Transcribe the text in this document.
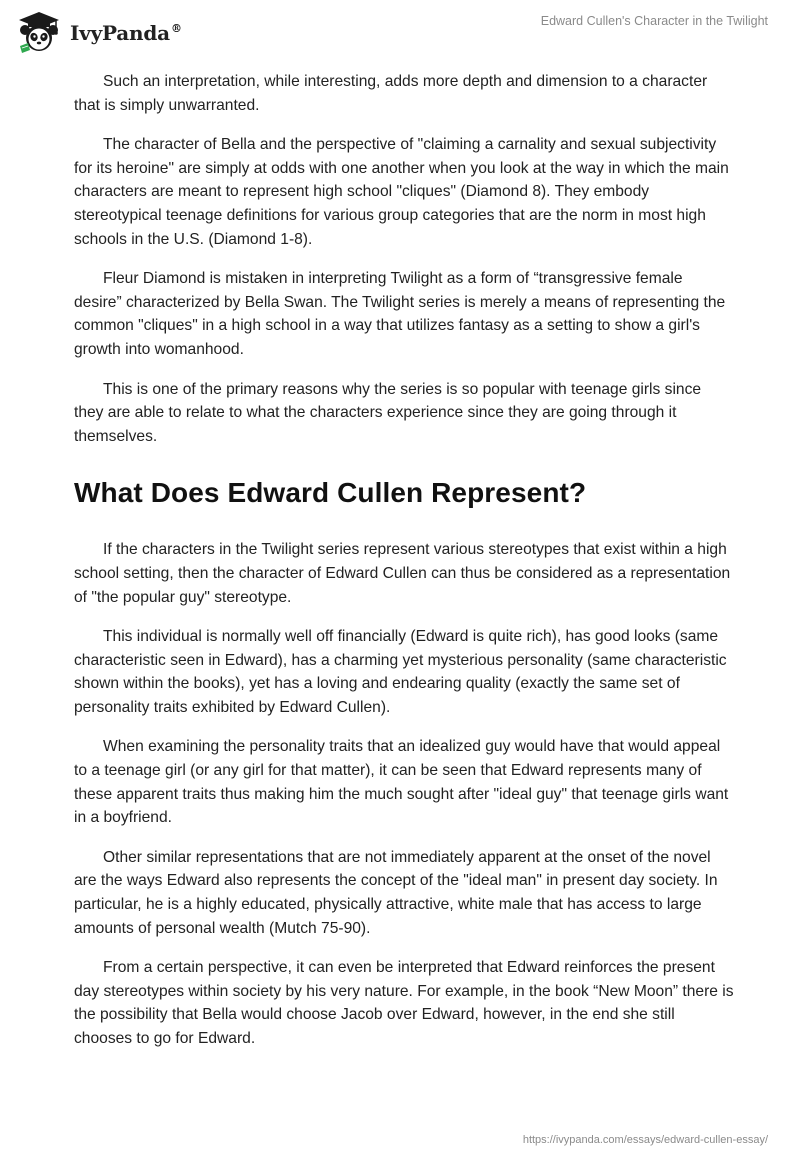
IvyPanda®
Edward Cullen's Character in the Twilight

Such an interpretation, while interesting, adds more depth and dimension to a character that is simply unwarranted.

The character of Bella and the perspective of "claiming a carnality and sexual subjectivity for its heroine" are simply at odds with one another when you look at the way in which the main characters are meant to represent high school "cliques" (Diamond 8). They embody stereotypical teenage definitions for various group categories that are the norm in most high schools in the U.S. (Diamond 1-8).

Fleur Diamond is mistaken in interpreting Twilight as a form of “transgressive female desire” characterized by Bella Swan. The Twilight series is merely a means of representing the common "cliques" in a high school in a way that utilizes fantasy as a setting to show a girl's growth into womanhood.

This is one of the primary reasons why the series is so popular with teenage girls since they are able to relate to what the characters experience since they are going through it themselves.

What Does Edward Cullen Represent?

If the characters in the Twilight series represent various stereotypes that exist within a high school setting, then the character of Edward Cullen can thus be considered as a representation of "the popular guy" stereotype.

This individual is normally well off financially (Edward is quite rich), has good looks (same characteristic seen in Edward), has a charming yet mysterious personality (same characteristic shown within the books), yet has a loving and endearing quality (exactly the same set of personality traits exhibited by Edward Cullen).

When examining the personality traits that an idealized guy would have that would appeal to a teenage girl (or any girl for that matter), it can be seen that Edward represents many of these apparent traits thus making him the much sought after "ideal guy" that teenage girls want in a boyfriend.

Other similar representations that are not immediately apparent at the onset of the novel are the ways Edward also represents the concept of the "ideal man" in present day society. In particular, he is a highly educated, physically attractive, white male that has access to large amounts of personal wealth (Mutch 75-90).

From a certain perspective, it can even be interpreted that Edward reinforces the present day stereotypes within society by his very nature. For example, in the book “New Moon” there is the possibility that Bella would choose Jacob over Edward, however, in the end she still chooses to go for Edward.

https://ivypanda.com/essays/edward-cullen-essay/
